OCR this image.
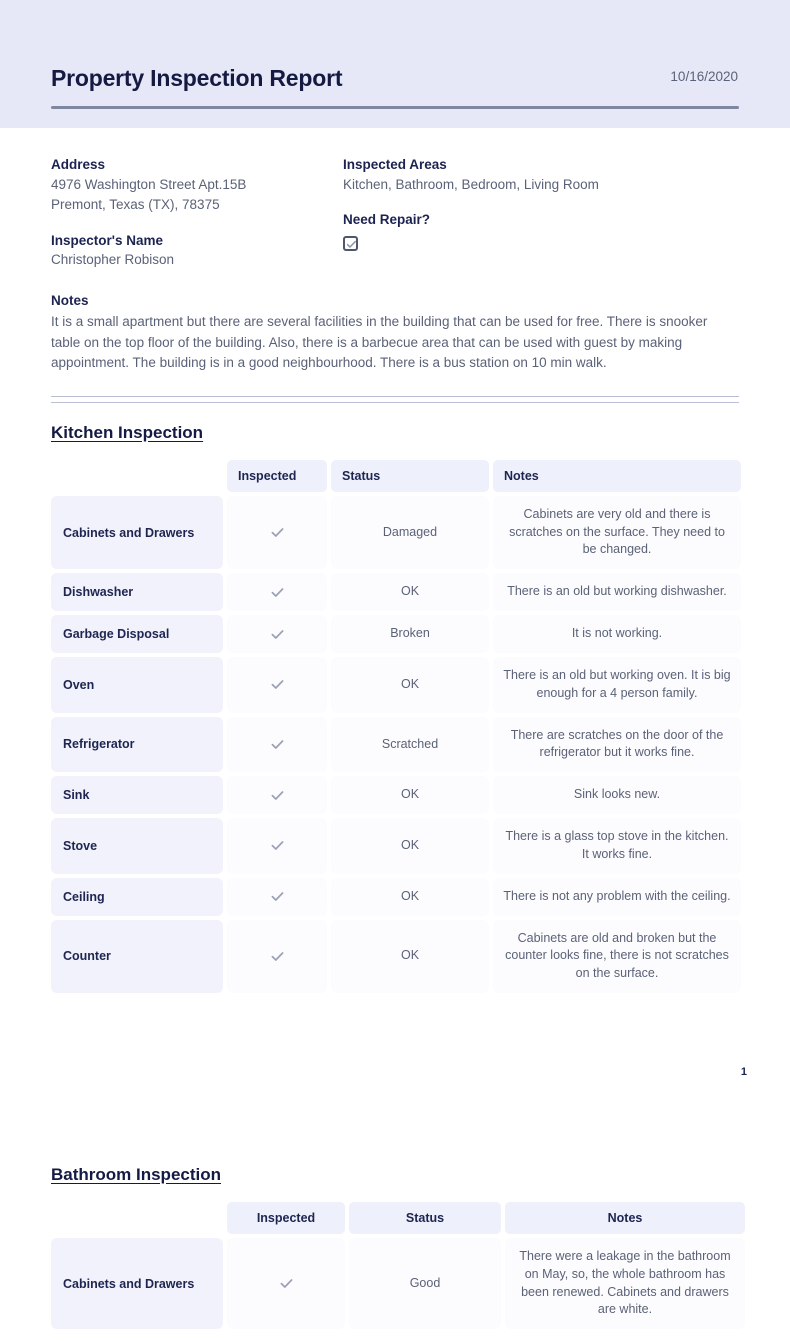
Property Inspection Report	10/16/2020

Address

4976 Washington Street Apt.15B

Premont, Texas (TX), 78375

Inspector's Name

Christopher Robison

Inspected Areas

Kitchen, Bathroom, Bedroom, Living Room

Need Repair?

Notes

It is a small apartment but there are several facilities in the building that can be used for free. There is snooker table on the top floor of the building. Also, there is a barbecue area that can be used with guest by making appointment. The building is in a good neighbourhood. There is a bus station on 10 min walk.

Kitchen Inspection

	Inspected	Status	Notes

Cabinets and Drawers		Damaged	Cabinets are very old and there is scratches on the surface. They need to be changed.

Dishwasher		OK	There is an old but working dishwasher.

Garbage Disposal		Broken	It is not working.

Oven		OK	There is an old but working oven. It is big enough for a 4 person family.

Refrigerator		Scratched	There are scratches on the door of the refrigerator but it works fine.

Sink		OK	Sink looks new.

Stove		OK	There is a glass top stove in the kitchen. It works fine.

Ceiling		OK	There is not any problem with the ceiling.

Counter		OK	Cabinets are old and broken but the counter looks fine, there is not scratches on the surface.
1
Bathroom Inspection

	Inspected	Status	Notes

Cabinets and Drawers		Good	There were a leakage in the bathroom on May, so, the whole bathroom has been renewed. Cabinets and drawers are white.
